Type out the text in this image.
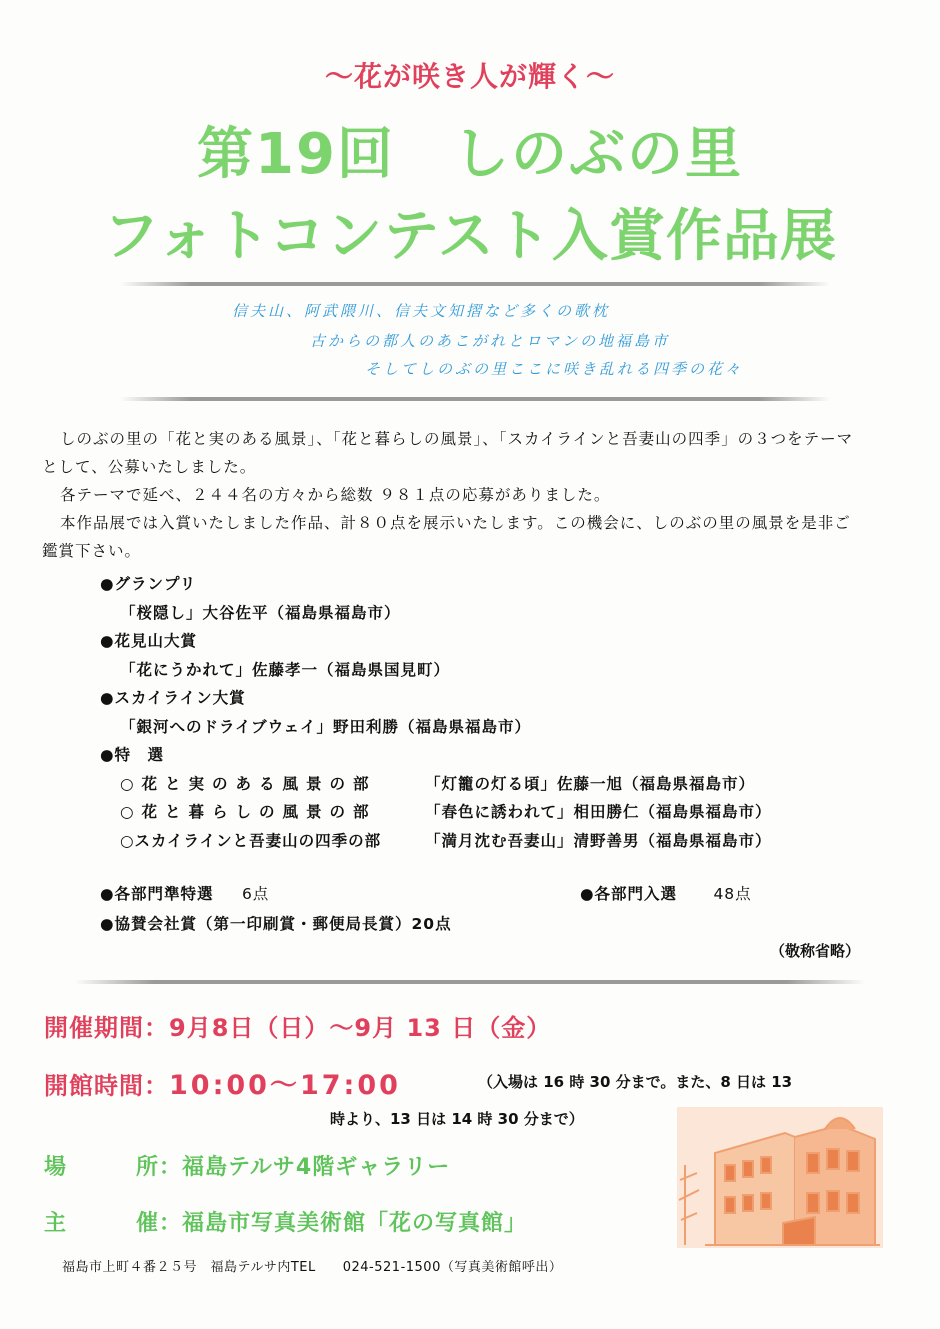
～花が咲き人が輝く～
第19回　しのぶの里
フォトコンテスト入賞作品展
信夫山、阿武隈川、信夫文知摺など多くの歌枕
古からの都人のあこがれとロマンの地福島市
そしてしのぶの里ここに咲き乱れる四季の花々
しのぶの里の「花と実のある風景」、「花と暮らしの風景」、「スカイラインと吾妻山の四季」の３つをテーマ
として、公募いたしました。
各テーマで延べ、２４４名の方々から総数 ９８１点の応募がありました。
本作品展では入賞いたしました作品、計８０点を展示いたします。この機会に、しのぶの里の風景を是非ご
鑑賞下さい。
●グランプリ
「桜隠し」大谷佐平（福島県福島市）
●花見山大賞
「花にうかれて」佐藤孝一（福島県国見町）
●スカイライン大賞
「銀河へのドライブウェイ」野田利勝（福島県福島市）
●特　選
○花と実のある風景の部	「灯籠の灯る頃」佐藤一旭（福島県福島市）
○花と暮らしの風景の部	「春色に誘われて」相田勝仁（福島県福島市）
○スカイラインと吾妻山の四季の部	「満月沈む吾妻山」清野善男（福島県福島市）
●各部門準特選 6点	●各部門入選 48点
●協賛会社賞（第一印刷賞・郵便局長賞）20点
（敬称省略）
開催期間：9月8日（日）～9月 13 日（金）
開館時間：10:00～17:00	（入場は 16 時 30 分まで。また、8 日は 13
時より、13 日は 14 時 30 分まで）
場　　　所：福島テルサ4階ギャラリー
主　　　催：福島市写真美術館「花の写真館」
福島市上町４番２５号　福島テルサ内TEL　　024-521-1500（写真美術館呼出）
